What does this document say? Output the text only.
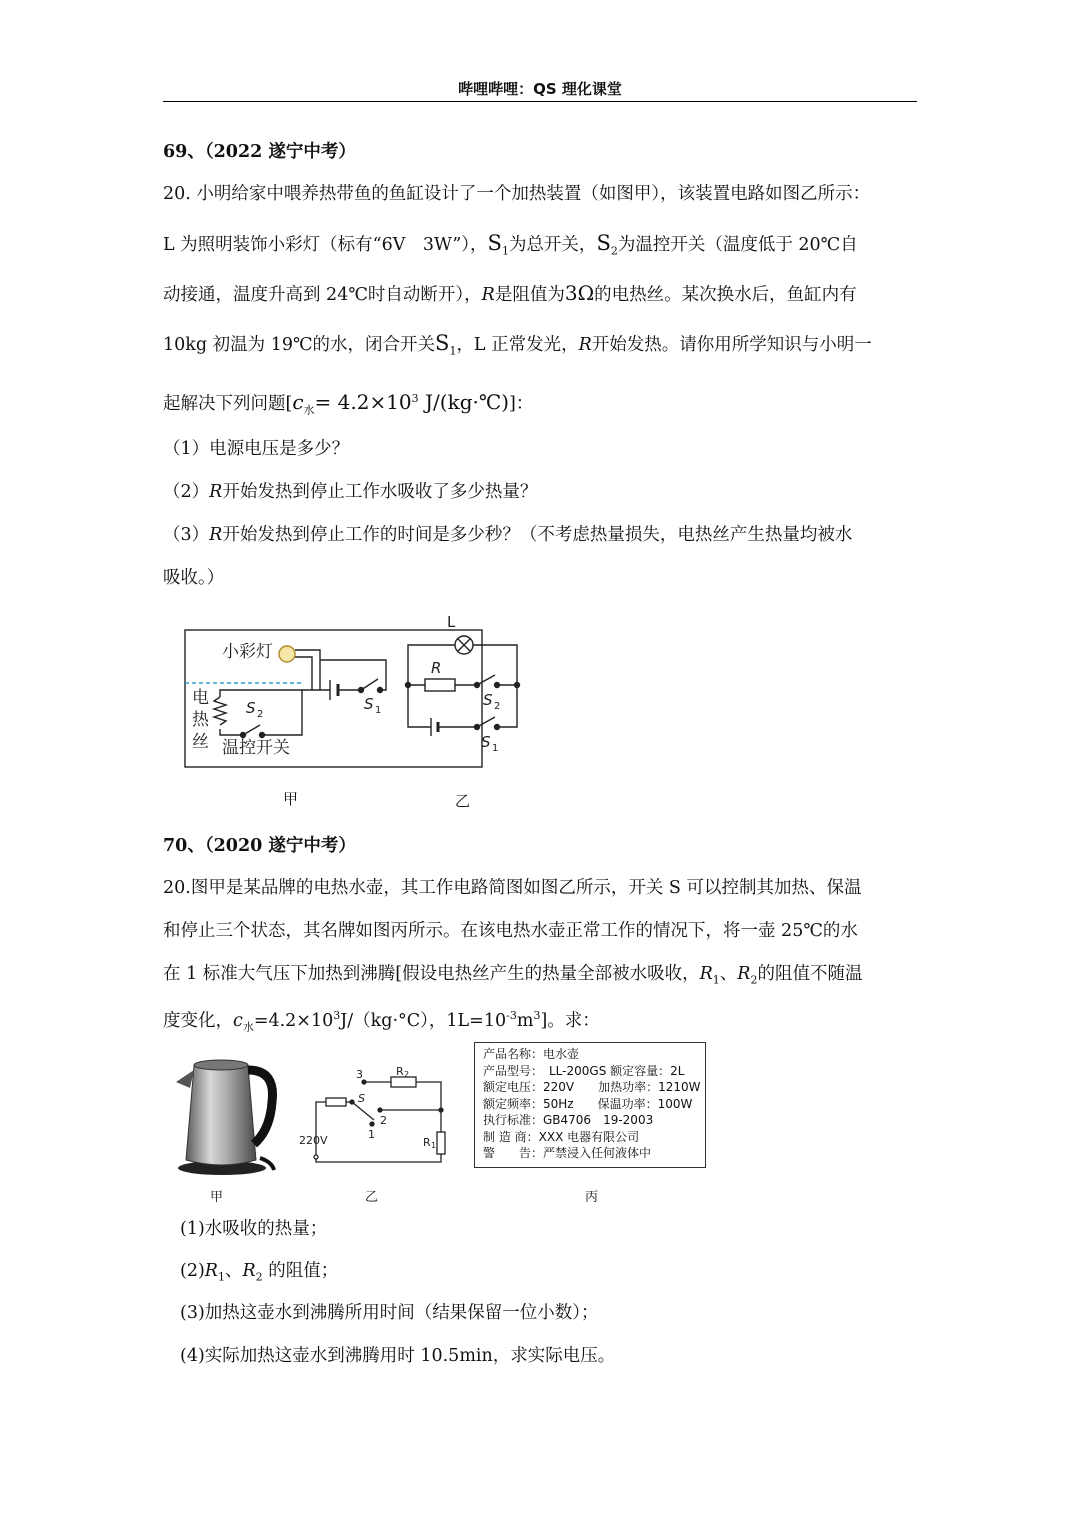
哔哩哔哩：QS 理化课堂
69、（2022 遂宁中考）
20. 小明给家中喂养热带鱼的鱼缸设计了一个加热装置（如图甲），该装置电路如图乙所示：
L 为照明装饰小彩灯（标有“6V　3W”），$S_1$为总开关，$S_2$为温控开关（温度低于 20℃自
动接通，温度升高到 24℃时自动断开），R是阻值为3Ω的电热丝。某次换水后，鱼缸内有
10kg 初温为 19℃的水，闭合开关$S_1$，L 正常发光，R开始发热。请你用所学知识与小明一
起解决下列问题[$c_水= 4.2\times 10^3$ J/(kg·℃)]：
（1）电源电压是多少？
（2）R开始发热到停止工作水吸收了多少热量？
（3）R开始发热到停止工作的时间是多少秒？（不考虑热量损失，电热丝产生热量均被水
吸收。）
小彩灯
电
热
丝 温控开关
S 2
S 1
L
R
S 2
S 1
甲	乙
70、（2020 遂宁中考）
20.图甲是某品牌的电热水壶，其工作电路简图如图乙所示，开关 S 可以控制其加热、保温
和停止三个状态，其名牌如图丙所示。在该电热水壶正常工作的情况下，将一壶 25℃的水
在 1 标准大气压下加热到沸腾[假设电热丝产生的热量全部被水吸收，$R_1$、$R_2$的阻值不随温
度变化，$c_水=4.2\times 10^3J/(kg\cdot^\circ C)$，$1L=10^{-3}m^3$]。求：
220V
S
3
2
1
R 2
R 1
产品名称：电水壶
产品型号：　LL-200GS 额定容量：2L
额定电压：220V　　加热功率：1210W
额定频率：50Hz　　保温功率：100W
执行标准：GB4706　19-2003
制 造 商：XXX 电器有限公司
警　　告：严禁浸入任何液体中
甲	乙	丙
(1)水吸收的热量；
$(2)R_1$、$R_2$ 的阻值；
(3)加热这壶水到沸腾所用时间（结果保留一位小数）；
(4)实际加热这壶水到沸腾用时 10.5min，求实际电压。
